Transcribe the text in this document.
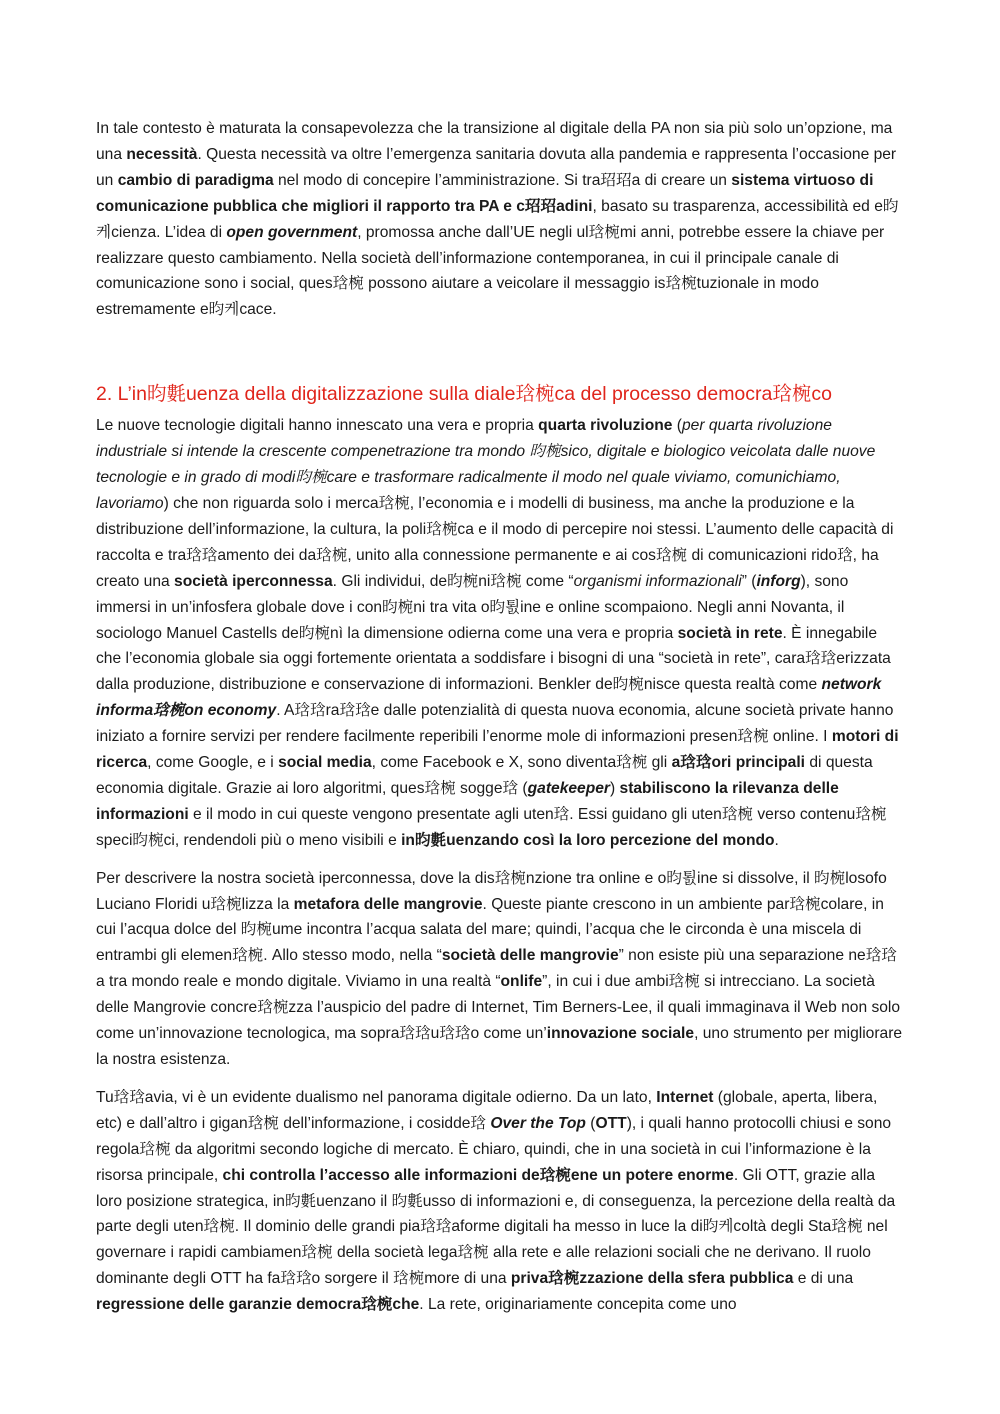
In tale contesto è maturata la consapevolezza che la transizione al digitale della PA non sia più solo un’opzione, ma una necessità. Questa necessità va oltre l’emergenza sanitaria dovuta alla pandemia e rappresenta l’occasione per un cambio di paradigma nel modo di concepire l’amministrazione. Si tra玿玿a di creare un sistema virtuoso di comunicazione pubblica che migliori il rapporto tra PA e c玿玿adini, basato su trasparenza, accessibilità ed e昀케cienza. L’idea di open government, promossa anche dall’UE negli ul琀椀mi anni, potrebbe essere la chiave per realizzare questo cambiamento. Nella società dell’informazione contemporanea, in cui il principale canale di comunicazione sono i social, ques琀椀 possono aiutare a veicolare il messaggio is琀椀tuzionale in modo estremamente e昀케cace.

2. L’in昀氀uenza della digitalizzazione sulla diale琀椀ca del processo democra琀椀co

Le nuove tecnologie digitali hanno innescato una vera e propria quarta rivoluzione (per quarta rivoluzione industriale si intende la crescente compenetrazione tra mondo 昀椀sico, digitale e biologico veicolata dalle nuove tecnologie e in grado di modi昀椀care e trasformare radicalmente il modo nel quale viviamo, comunichiamo, lavoriamo) che non riguarda solo i merca琀椀, l’economia e i modelli di business, ma anche la produzione e la distribuzione dell’informazione, la cultura, la poli琀椀ca e il modo di percepire noi stessi. L’aumento delle capacità di raccolta e tra琀琀amento dei da琀椀, unito alla connessione permanente e ai cos琀椀 di comunicazioni rido琀, ha creato una società iperconnessa. Gli individui, de昀椀ni琀椀 come “organismi informazionali” (inforg), sono immersi in un’infosfera globale dove i con昀椀ni tra vita o昀툀ine e online scompaiono. Negli anni Novanta, il sociologo Manuel Castells de昀椀nì la dimensione odierna come una vera e propria società in rete. È innegabile che l’economia globale sia oggi fortemente orientata a soddisfare i bisogni di una “società in rete”, cara琀琀erizzata dalla produzione, distribuzione e conservazione di informazioni. Benkler de昀椀nisce questa realtà come network informa琀椀on economy. A琀琀ra琀琀e dalle potenzialità di questa nuova economia, alcune società private hanno iniziato a fornire servizi per rendere facilmente reperibili l’enorme mole di informazioni presen琀椀 online. I motori di ricerca, come Google, e i social media, come Facebook e X, sono diventa琀椀 gli a琀琀ori principali di questa economia digitale. Grazie ai loro algoritmi, ques琀椀 sogge琀 (gatekeeper) stabiliscono la rilevanza delle informazioni e il modo in cui queste vengono presentate agli uten琀. Essi guidano gli uten琀椀 verso contenu琀椀 speci昀椀ci, rendendoli più o meno visibili e in昀氀uenzando così la loro percezione del mondo.

Per descrivere la nostra società iperconnessa, dove la dis琀椀nzione tra online e o昀툀ine si dissolve, il 昀椀losofo Luciano Floridi u琀椀lizza la metafora delle mangrovie. Queste piante crescono in un ambiente par琀椀colare, in cui l’acqua dolce del 昀椀ume incontra l’acqua salata del mare; quindi, l’acqua che le circonda è una miscela di entrambi gli elemen琀椀. Allo stesso modo, nella “società delle mangrovie” non esiste più una separazione ne琀琀a tra mondo reale e mondo digitale. Viviamo in una realtà “onlife”, in cui i due ambi琀椀 si intrecciano. La società delle Mangrovie concre琀椀zza l’auspicio del padre di Internet, Tim Berners-Lee, il quali immaginava il Web non solo come un’innovazione tecnologica, ma sopra琀琀u琀琀o come un’innovazione sociale, uno strumento per migliorare la nostra esistenza.

Tu琀琀avia, vi è un evidente dualismo nel panorama digitale odierno. Da un lato, Internet (globale, aperta, libera, etc) e dall’altro i gigan琀椀 dell’informazione, i cosidde琀 Over the Top (OTT), i quali hanno protocolli chiusi e sono regola琀椀 da algoritmi secondo logiche di mercato. È chiaro, quindi, che in una società in cui l’informazione è la risorsa principale, chi controlla l’accesso alle informazioni de琀椀ene un potere enorme. Gli OTT, grazie alla loro posizione strategica, in昀氀uenzano il 昀氀usso di informazioni e, di conseguenza, la percezione della realtà da parte degli uten琀椀. Il dominio delle grandi pia琀琀aforme digitali ha messo in luce la di昀케coltà degli Sta琀椀 nel governare i rapidi cambiamen琀椀 della società lega琀椀 alla rete e alle relazioni sociali che ne derivano. Il ruolo dominante degli OTT ha fa琀琀o sorgere il 琀椀more di una priva琀椀zzazione della sfera pubblica e di una regressione delle garanzie democra琀椀che. La rete, originariamente concepita come uno
